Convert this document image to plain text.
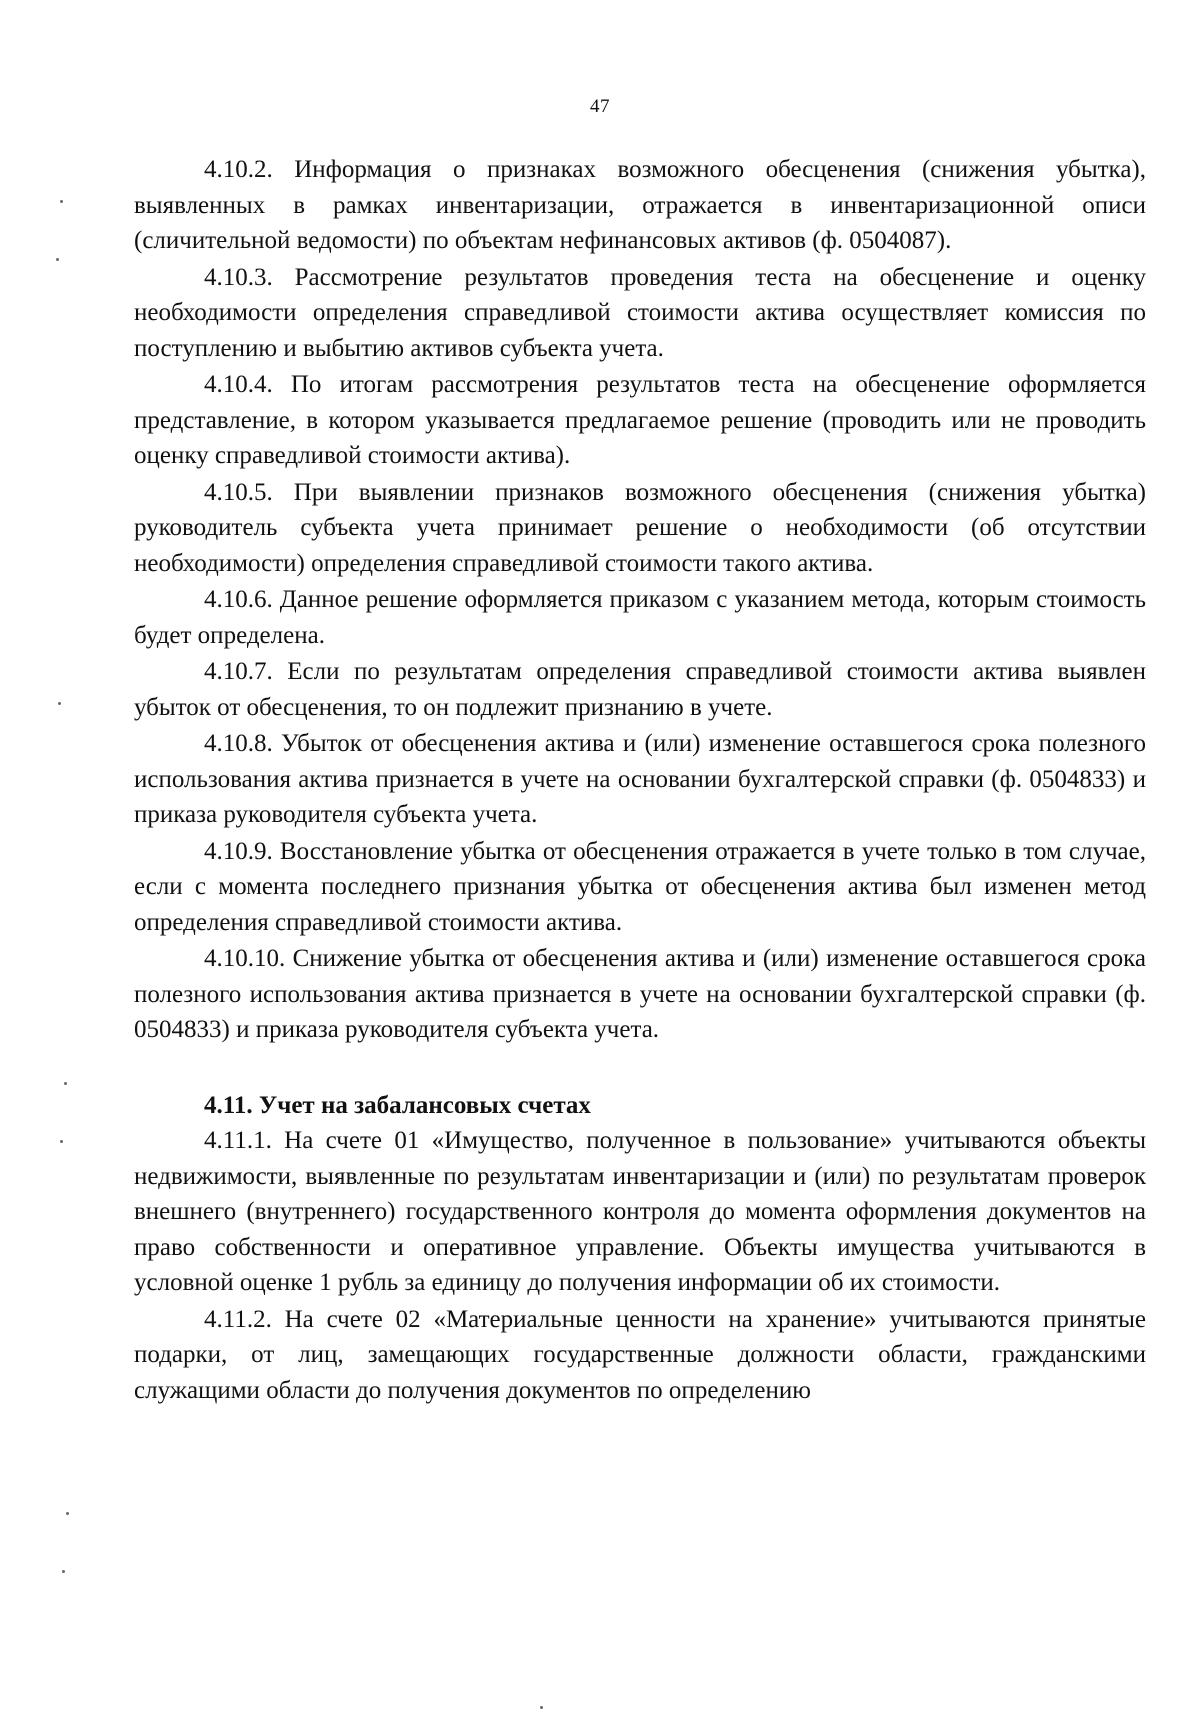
47

4.10.2. Информация о признаках возможного обесценения (снижения убытка), выявленных в рамках инвентаризации, отражается в инвентаризационной описи (сличительной ведомости) по объектам нефинансовых активов (ф. 0504087).

4.10.3. Рассмотрение результатов проведения теста на обесценение и оценку необходимости определения справедливой стоимости актива осуществляет комиссия по поступлению и выбытию активов субъекта учета.

4.10.4. По итогам рассмотрения результатов теста на обесценение оформляется представление, в котором указывается предлагаемое решение (проводить или не проводить оценку справедливой стоимости актива).

4.10.5. При выявлении признаков возможного обесценения (снижения убытка) руководитель субъекта учета принимает решение о необходимости (об отсутствии необходимости) определения справедливой стоимости такого актива.

4.10.6. Данное решение оформляется приказом с указанием метода, которым стоимость будет определена.

4.10.7. Если по результатам определения справедливой стоимости актива выявлен убыток от обесценения, то он подлежит признанию в учете.

4.10.8. Убыток от обесценения актива и (или) изменение оставшегося срока полезного использования актива признается в учете на основании бухгалтерской справки (ф. 0504833) и приказа руководителя субъекта учета.

4.10.9. Восстановление убытка от обесценения отражается в учете только в том случае, если с момента последнего признания убытка от обесценения актива был изменен метод определения справедливой стоимости актива.

4.10.10. Снижение убытка от обесценения актива и (или) изменение оставшегося срока полезного использования актива признается в учете на основании бухгалтерской справки (ф. 0504833) и приказа руководителя субъекта учета.

4.11. Учет на забалансовых счетах

4.11.1. На счете 01 «Имущество, полученное в пользование» учитываются объекты недвижимости, выявленные по результатам инвентаризации и (или) по результатам проверок внешнего (внутреннего) государственного контроля до момента оформления документов на право собственности и оперативное управление. Объекты имущества учитываются в условной оценке 1 рубль за единицу до получения информации об их стоимости.

4.11.2. На счете 02 «Материальные ценности на хранение» учитываются принятые подарки, от лиц, замещающих государственные должности области, гражданскими служащими области до получения документов по определению
